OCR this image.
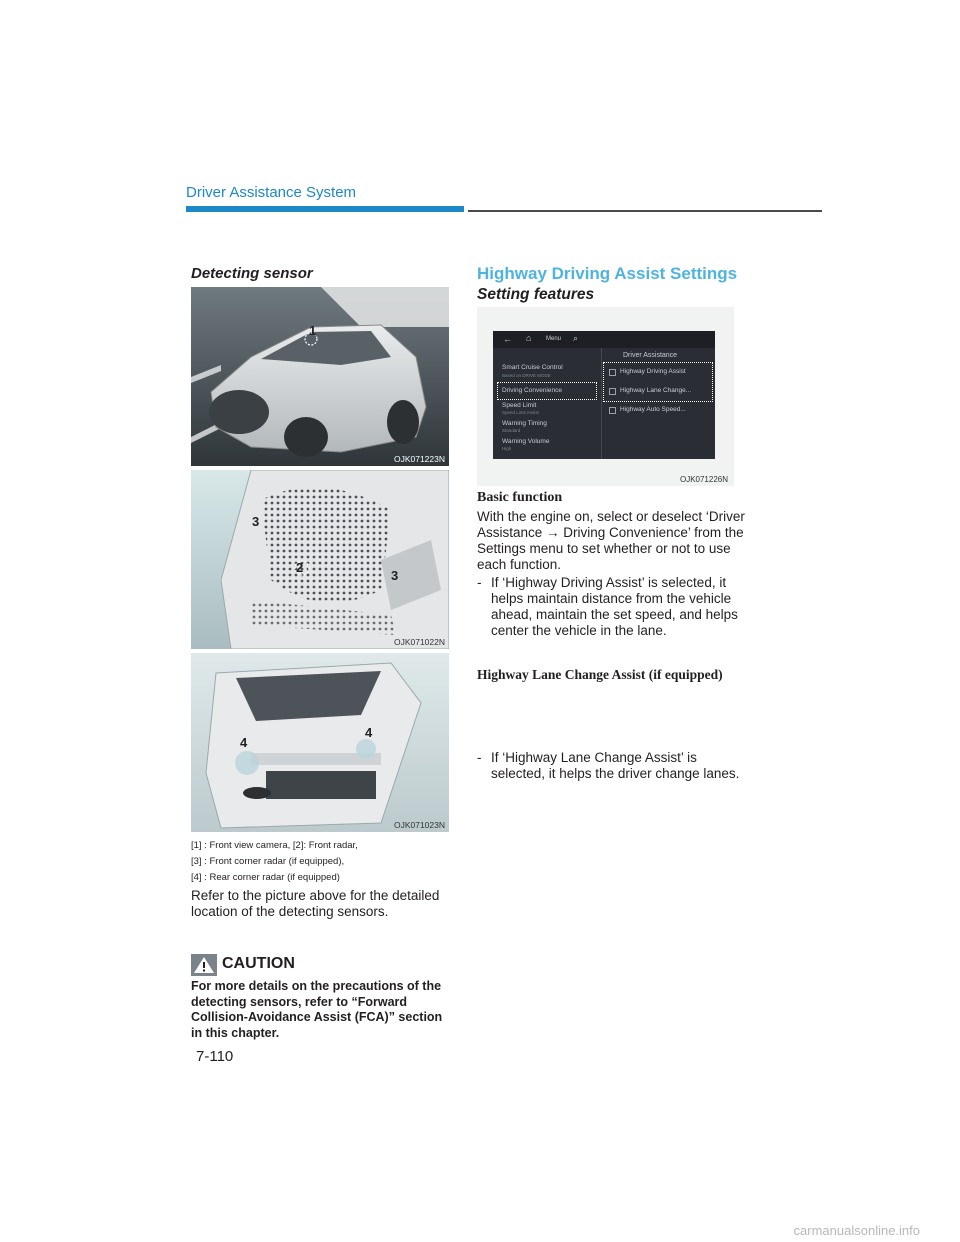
Driver Assistance System
Detecting sensor
1
OJK071223N
3
2
3
OJK071022N
4
4
OJK071023N
[1] : Front view camera, [2]: Front radar,
[3] : Front corner radar (if equipped),
[4] : Rear corner radar (if equipped)
Refer to the picture above for the detailed location of the detecting sensors.
CAUTION
For more details on the precautions of the detecting sensors, refer to “Forward Collision-Avoidance Assist (FCA)” section in this chapter.
7-110
Highway Driving Assist Settings
Setting features
OJK071226N
← ⌂ Menu ⌕
Driver Assistance
Smart Cruise Control
Based on DRIVE MODE
Driving Convenience
Speed Limit
Speed Limit Assist
Warning Timing
Standard
Warning Volume
High
Highway Driving Assist
Highway Lane Change...
Highway Auto Speed...
Basic function
With the engine on, select or deselect ‘Driver Assistance → Driving Convenience’ from the Settings menu to set whether or not to use each function.
- If ‘Highway Driving Assist’ is selected, it helps maintain distance from the vehicle ahead, maintain the set speed, and helps center the vehicle in the lane.
Highway Lane Change Assist (if equipped)
- If ‘Highway Lane Change Assist’ is selected, it helps the driver change lanes.
carmanualsonline.info
